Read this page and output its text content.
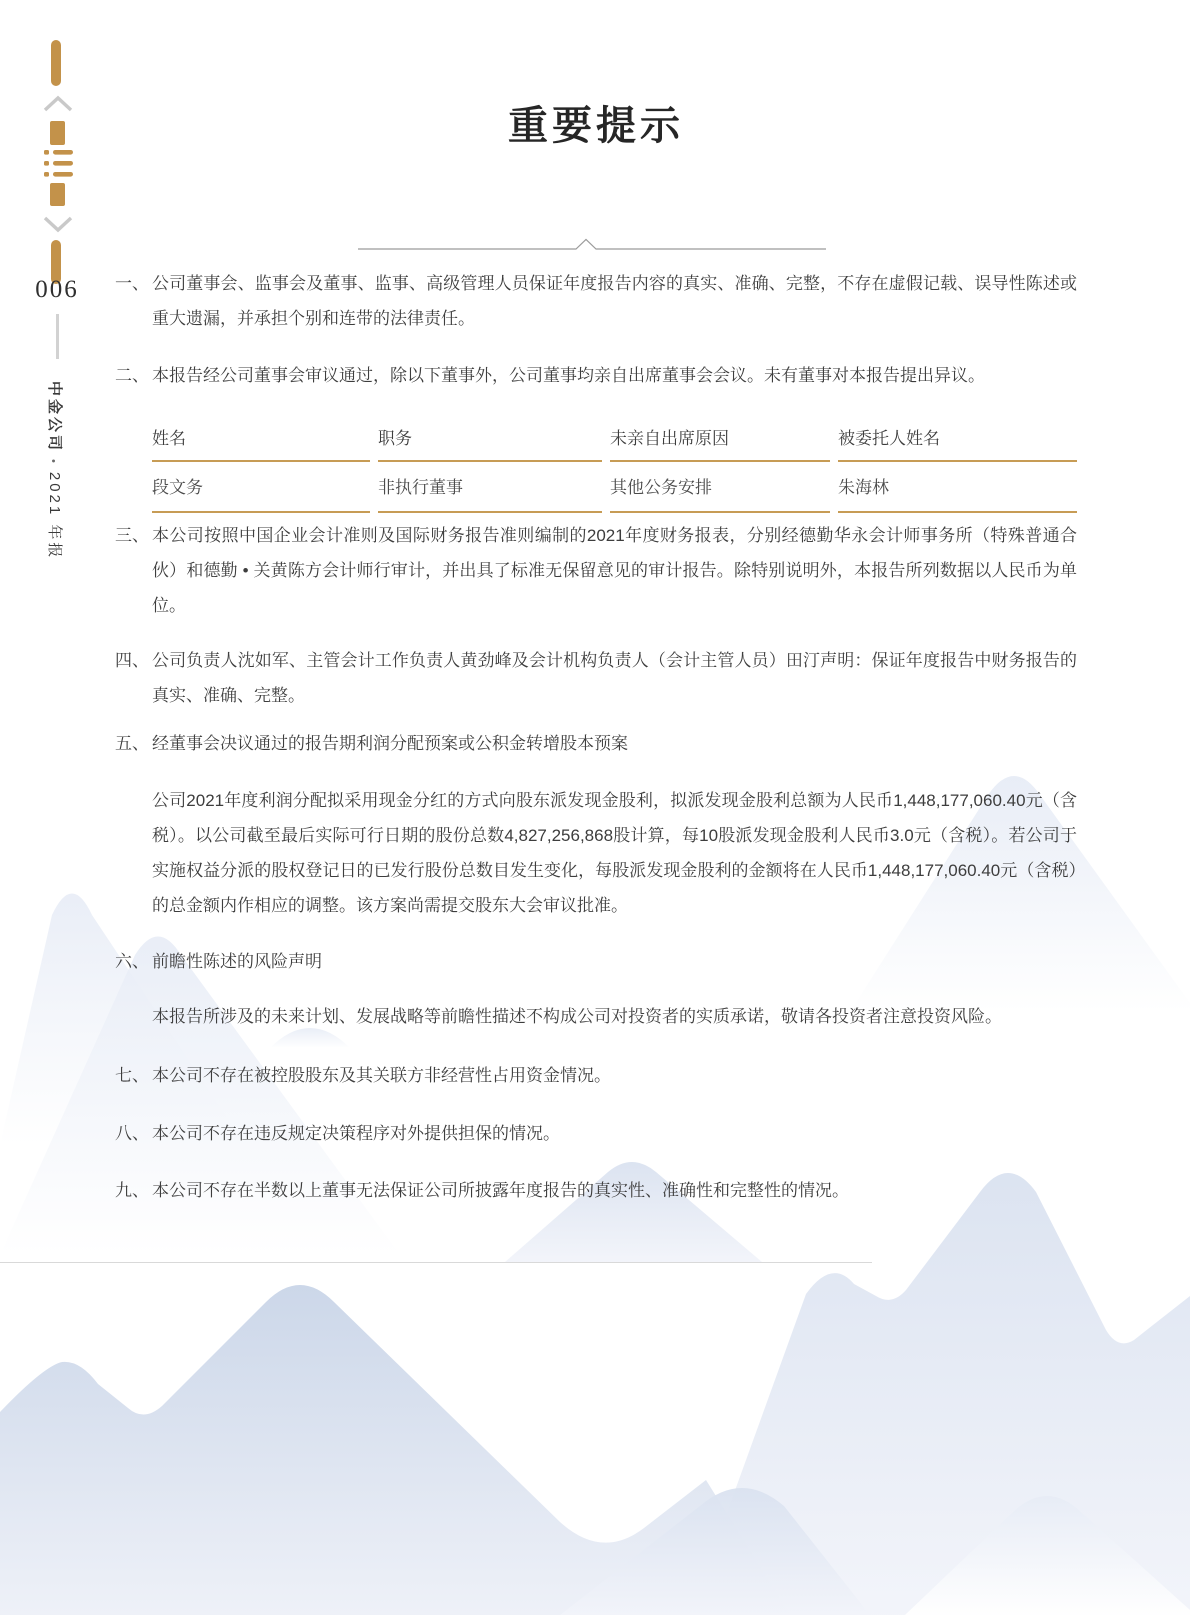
006
中金公司•2021 年报
重要提示
一、 公司董事会、监事会及董事、监事、高级管理人员保证年度报告内容的真实、准确、完整，不存在虚假记载、误导性陈述或重大遗漏，并承担个别和连带的法律责任。
二、 本报告经公司董事会审议通过，除以下董事外，公司董事均亲自出席董事会会议。未有董事对本报告提出异议。
姓名	职务	未亲自出席原因	被委托人姓名
段文务	非执行董事	其他公务安排	朱海林
三、 本公司按照中国企业会计准则及国际财务报告准则编制的2021年度财务报表，分别经德勤华永会计师事务所（特殊普通合伙）和德勤 • 关黄陈方会计师行审计，并出具了标准无保留意见的审计报告。除特别说明外，本报告所列数据以人民币为单位。
四、 公司负责人沈如军、主管会计工作负责人黄劲峰及会计机构负责人（会计主管人员）田汀声明：保证年度报告中财务报告的真实、准确、完整。
五、 经董事会决议通过的报告期利润分配预案或公积金转增股本预案
公司2021年度利润分配拟采用现金分红的方式向股东派发现金股利，拟派发现金股利总额为人民币1,448,177,060.40元（含税）。以公司截至最后实际可行日期的股份总数4,827,256,868股计算，每10股派发现金股利人民币3.0元（含税）。若公司于实施权益分派的股权登记日的已发行股份总数目发生变化，每股派发现金股利的金额将在人民币1,448,177,060.40元（含税）的总金额内作相应的调整。该方案尚需提交股东大会审议批准。
六、 前瞻性陈述的风险声明
本报告所涉及的未来计划、发展战略等前瞻性描述不构成公司对投资者的实质承诺，敬请各投资者注意投资风险。
七、 本公司不存在被控股股东及其关联方非经营性占用资金情况。
八、 本公司不存在违反规定决策程序对外提供担保的情况。
九、 本公司不存在半数以上董事无法保证公司所披露年度报告的真实性、准确性和完整性的情况。
